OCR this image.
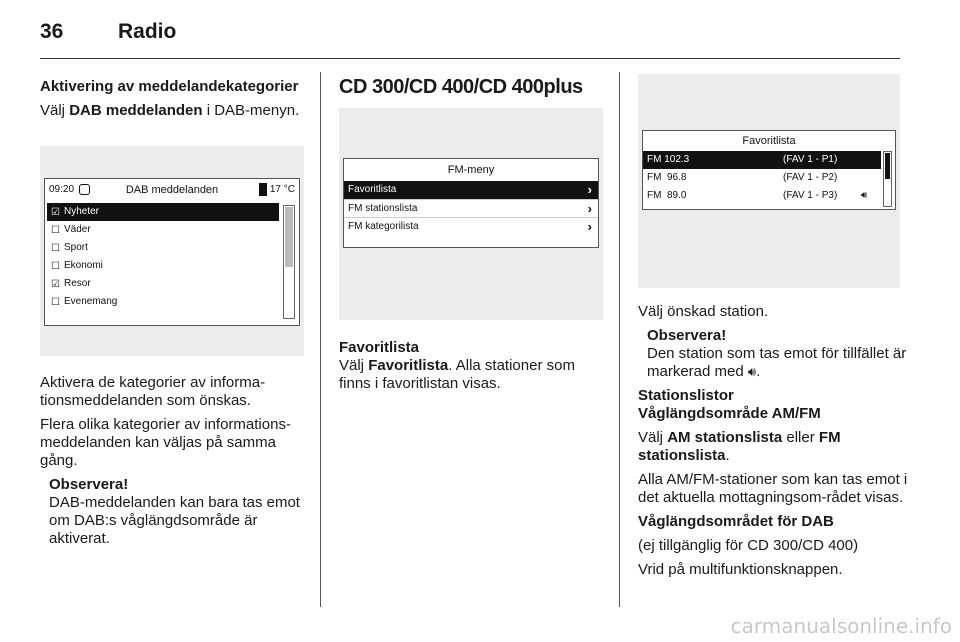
36	Radio

Aktivering av meddelandekategorier

Välj DAB meddelanden i DAB-menyn.

09:20	DAB meddelanden	17 °C
☑ Nyheter
☐ Väder
☐ Sport
☐ Ekonomi
☑ Resor
☐ Evenemang

Aktivera de kategorier av informa-tionsmeddelanden som önskas.

Flera olika kategorier av informations-meddelanden kan väljas på samma gång.

Observera!

DAB-meddelanden kan bara tas emot om DAB:s våglängdsområde är aktiverat.

CD 300/CD 400/CD 400plus

FM-meny
Favoritlista	›
FM stationslista	›
FM kategorilista	›

Favoritlista

Välj Favoritlista. Alla stationer som finns i favoritlistan visas.

Favoritlista
FM 102.3	(FAV 1 - P1)
FM  96.8	(FAV 1 - P2)
FM  89.0	(FAV 1 - P3) 🔊︎

Välj önskad station.

Observera!

Den station som tas emot för tillfället är markerad med 🔊︎.

Stationslistor

Våglängdsområde AM/FM

Välj AM stationslista eller FM stationslista.

Alla AM/FM-stationer som kan tas emot i det aktuella mottagningsom-rådet visas.

Våglängdsområdet för DAB

(ej tillgänglig för CD 300/CD 400)

Vrid på multifunktionsknappen.

carmanualsonline.info
